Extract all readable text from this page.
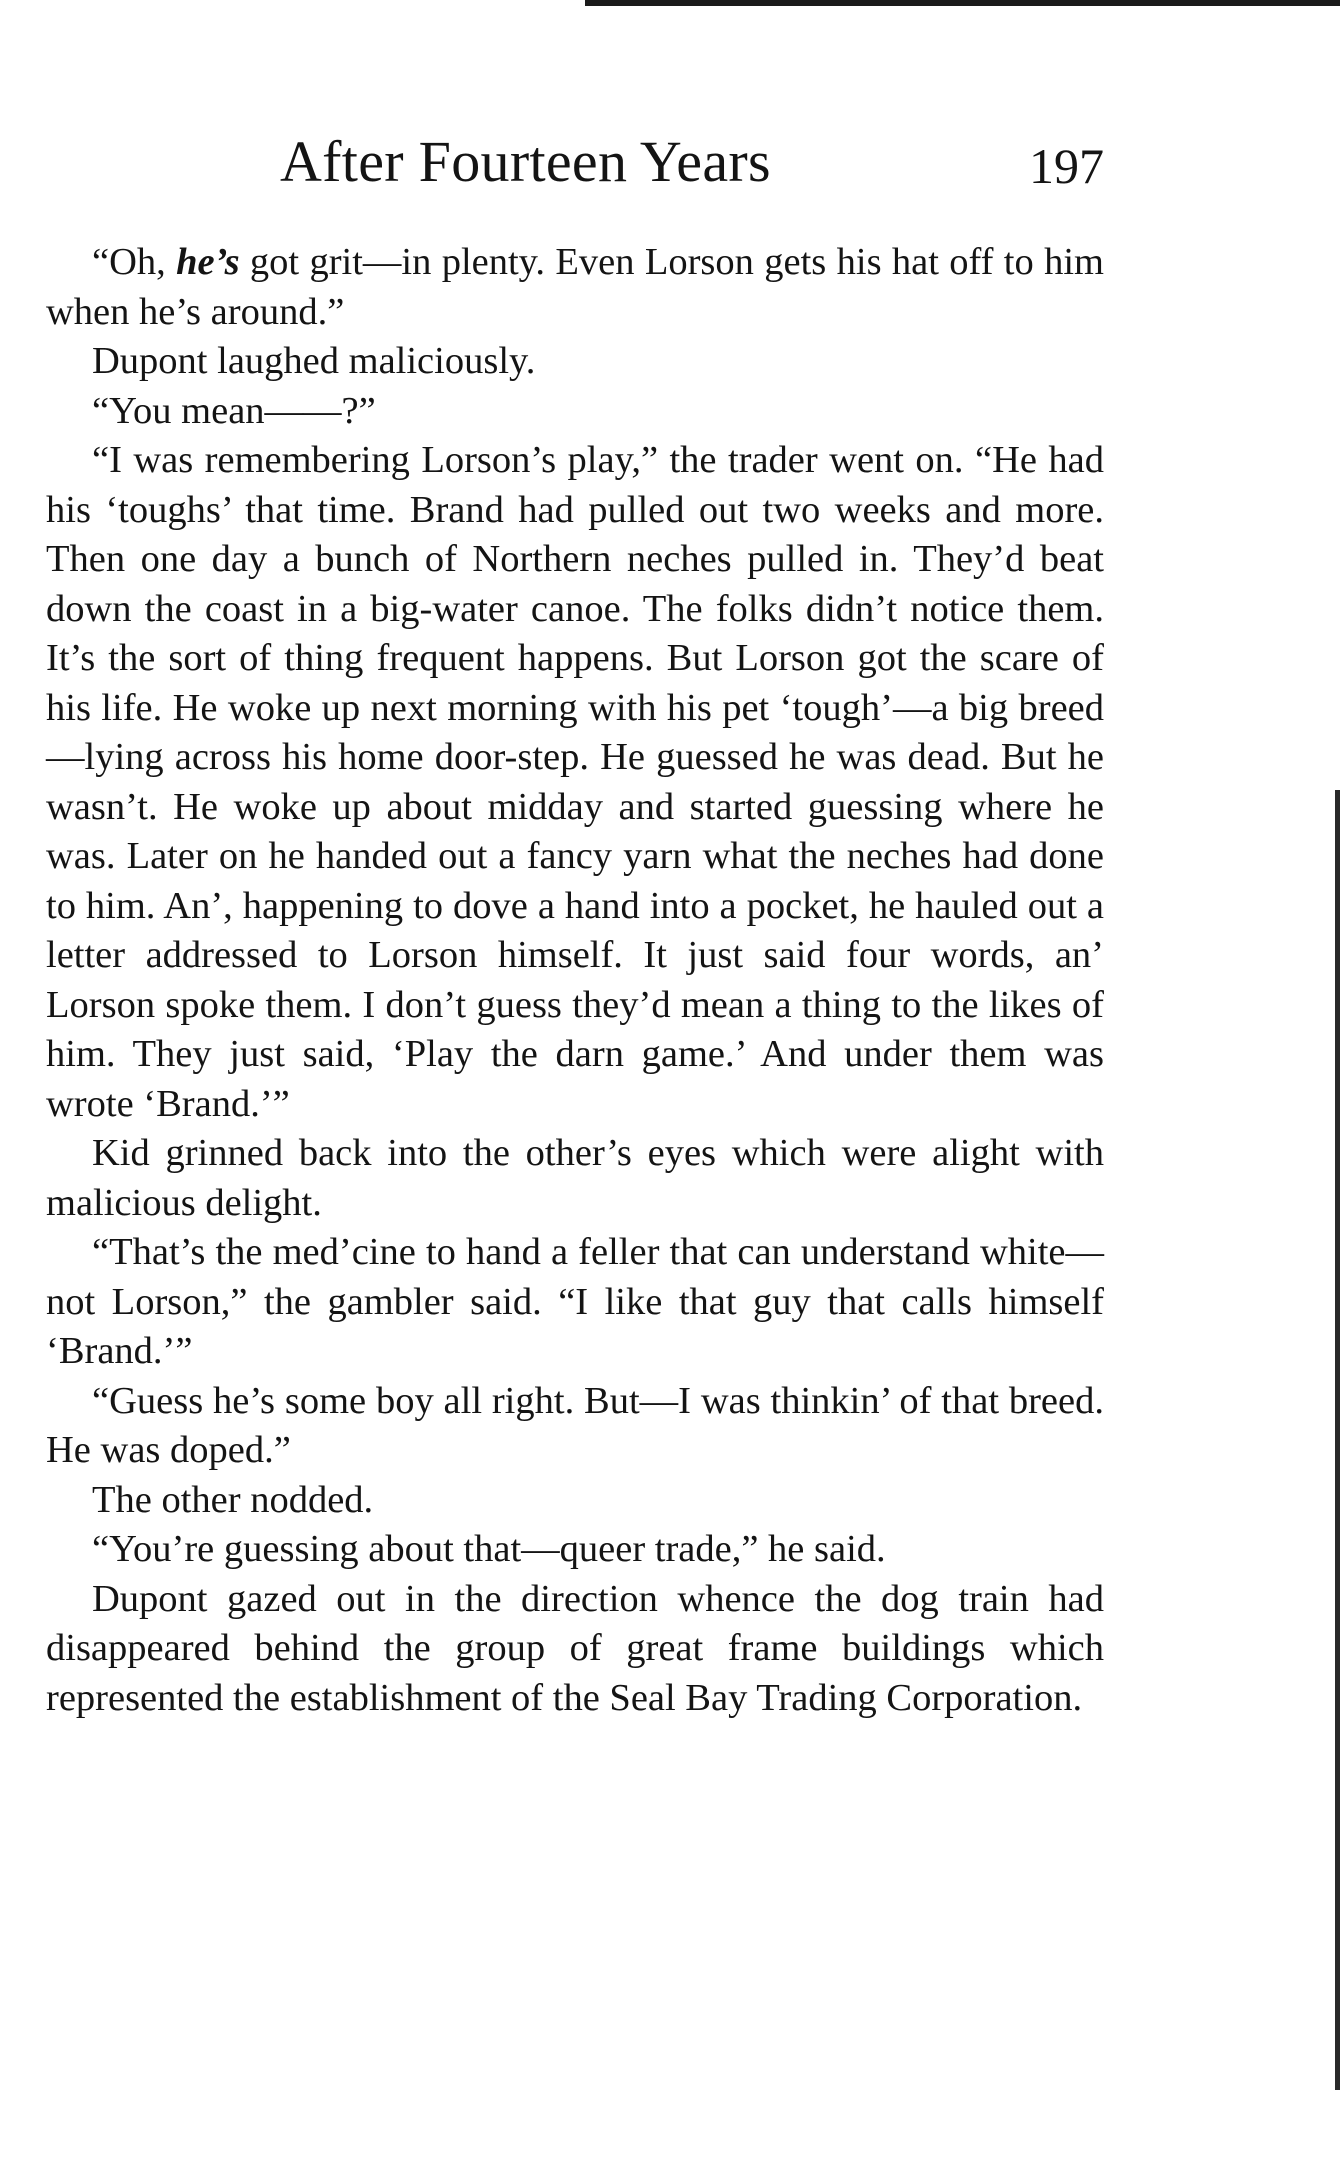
After Fourteen Years	197

“Oh, he’s got grit—in plenty. Even Lorson gets his hat off to him when he’s around.”

Dupont laughed maliciously.

“You mean——?”

“I was remembering Lorson’s play,” the trader went on. “He had his ‘toughs’ that time. Brand had pulled out two weeks and more. Then one day a bunch of Northern neches pulled in. They’d beat down the coast in a big-water canoe. The folks didn’t notice them. It’s the sort of thing frequent happens. But Lorson got the scare of his life. He woke up next morning with his pet ‘tough’—a big breed—lying across his home door-step. He guessed he was dead. But he wasn’t. He woke up about midday and started guessing where he was. Later on he handed out a fancy yarn what the neches had done to him. An’, happening to dove a hand into a pocket, he hauled out a letter addressed to Lorson himself. It just said four words, an’ Lorson spoke them. I don’t guess they’d mean a thing to the likes of him. They just said, ‘Play the darn game.’ And under them was wrote ‘Brand.’”

Kid grinned back into the other’s eyes which were alight with malicious delight.

“That’s the med’cine to hand a feller that can understand white—not Lorson,” the gambler said. “I like that guy that calls himself ‘Brand.’”

“Guess he’s some boy all right. But—I was thinkin’ of that breed. He was doped.”

The other nodded.

“You’re guessing about that—queer trade,” he said.

Dupont gazed out in the direction whence the dog train had disappeared behind the group of great frame buildings which represented the establishment of the Seal Bay Trading Corporation.
